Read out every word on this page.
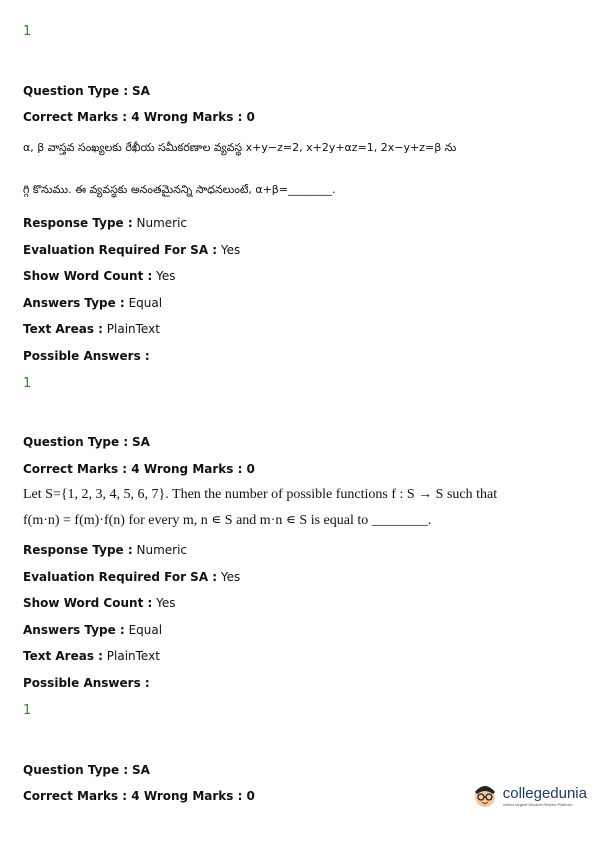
1
Question Type : SA
Correct Marks : 4 Wrong Marks : 0
α, β వాస్తవ సంఖ్యలకు రేఖీయ సమీకరణాల వ్యవస్థ x+y−z=2, x+2y+αz=1, 2x−y+z=β ను
గ్గి కొనుము. ఈ వ్యవస్థకు అనంతమైనన్ని సాధనలుంటే, α+β=________.
Response Type : Numeric
Evaluation Required For SA : Yes
Show Word Count : Yes
Answers Type : Equal
Text Areas : PlainText
Possible Answers :
1
Question Type : SA
Correct Marks : 4 Wrong Marks : 0
Let S={1, 2, 3, 4, 5, 6, 7}. Then the number of possible functions f : S → S such that
f(m·n) = f(m)·f(n) for every m, n ∊ S and m·n ∊ S is equal to ________.
Response Type : Numeric
Evaluation Required For SA : Yes
Show Word Count : Yes
Answers Type : Equal
Text Areas : PlainText
Possible Answers :
1
Question Type : SA
Correct Marks : 4 Wrong Marks : 0	collegedunia
India's largest Student Review Platform
